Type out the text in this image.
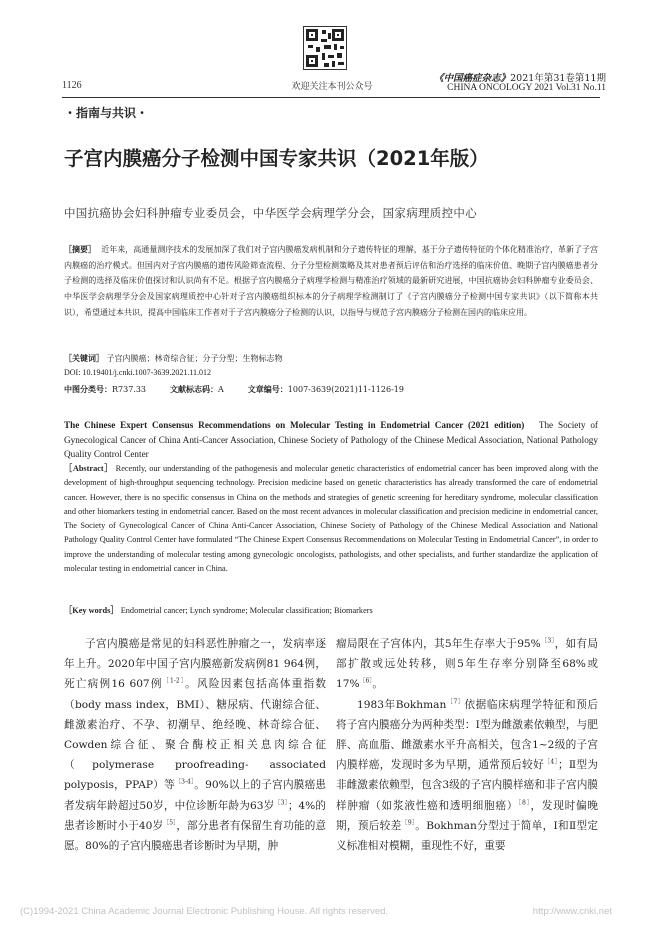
欢迎关注本刊公众号
1126
《中国癌症杂志》2021年第31卷第11期
CHINA ONCOLOGY 2021 Vol.31 No.11
・指南与共识・
子宫内膜癌分子检测中国专家共识（2021年版）
中国抗癌协会妇科肿瘤专业委员会，中华医学会病理学分会，国家病理质控中心
［摘要］ 近年来，高通量测序技术的发展加深了我们对子宫内膜癌发病机制和分子遗传特征的理解，基于分子遗传特征的个体化精准治疗，革新了子宫内膜癌的治疗模式。但国内对子宫内膜癌的遗传风险筛查流程、分子分型检测策略及其对患者预后评估和治疗选择的临床价值、晚期子宫内膜癌患者分子检测的选择及临床价值探讨和认识尚有不足。根据子宫内膜癌分子病理学检测与精准治疗领域的最新研究进展，中国抗癌协会妇科肿瘤专业委员会、中华医学会病理学分会及国家病理质控中心针对子宫内膜癌组织标本的分子病理学检测制订了《子宫内膜癌分子检测中国专家共识》（以下简称本共识），希望通过本共识，提高中国临床工作者对于子宫内膜癌分子检测的认识，以指导与规范子宫内膜癌分子检测在国内的临床应用。
［关键词］ 子宫内膜癌；林奇综合征；分子分型；生物标志物
DOI: 10.19401/j.cnki.1007-3639.2021.11.012
中图分类号：R737.33	文献标志码：A	文章编号：1007-3639(2021)11-1126-19
The Chinese Expert Consensus Recommendations on Molecular Testing in Endometrial Cancer (2021 edition) The Society of Gynecological Cancer of China Anti-Cancer Association, Chinese Society of Pathology of the Chinese Medical Association, National Pathology Quality Control Center
［Abstract］ Recently, our understanding of the pathogenesis and molecular genetic characteristics of endometrial cancer has been improved along with the development of high-throughput sequencing technology. Precision medicine based on genetic characteristics has already transformed the care of endometrial cancer. However, there is no specific consensus in China on the methods and strategies of genetic screening for hereditary syndrome, molecular classification and other biomarkers testing in endometrial cancer. Based on the most recent advances in molecular classification and precision medicine in endometrial cancer, The Society of Gynecological Cancer of China Anti-Cancer Association, Chinese Society of Pathology of the Chinese Medical Association and National Pathology Quality Control Center have formulated “The Chinese Expert Consensus Recommendations on Molecular Testing in Endometrial Cancer”, in order to improve the understanding of molecular testing among gynecologic oncologists, pathologists, and other specialists, and further standardize the application of molecular testing in endometrial cancer in China.
［Key words］ Endometrial cancer; Lynch syndrome; Molecular classification; Biomarkers
子宫内膜癌是常见的妇科恶性肿瘤之一，发病率逐年上升。2020年中国子宫内膜癌新发病例81 964例，死亡病例16 607例$^{[1-2]}$。风险因素包括高体重指数（body mass index，BMI）、糖尿病、代谢综合征、雌激素治疗、不孕、初潮早、绝经晚、林奇综合征、Cowden综合征、聚合酶校正相关息肉综合征（polymerase proofreading- associated polyposis，PPAP）等$^{[3-4]}$。90%以上的子宫内膜癌患者发病年龄超过50岁，中位诊断年龄为63岁$^{[3]}$；4%的患者诊断时小于40岁$^{[5]}$，部分患者有保留生育功能的意愿。80%的子宫内膜癌患者诊断时为早期，肿

瘤局限在子宫体内，其5年生存率大于95%$^{[3]}$，如有局部扩散或远处转移，则5年生存率分别降至68%或17%$^{[6]}$。

1983年Bokhman$^{[7]}$依据临床病理学特征和预后将子宫内膜癌分为两种类型：Ⅰ型为雌激素依赖型，与肥胖、高血脂、雌激素水平升高相关，包含1~2级的子宫内膜样癌，发现时多为早期，通常预后较好$^{[4]}$；Ⅱ型为非雌激素依赖型，包含3级的子宫内膜样癌和非子宫内膜样肿瘤（如浆液性癌和透明细胞癌）$^{[8]}$，发现时偏晚期，预后较差$^{[9]}$。Bokhman分型过于简单，Ⅰ和Ⅱ型定义标准相对模糊，重现性不好，重要

(C)1994-2021 China Academic Journal Electronic Publishing House. All rights reserved.	http://www.cnki.net
